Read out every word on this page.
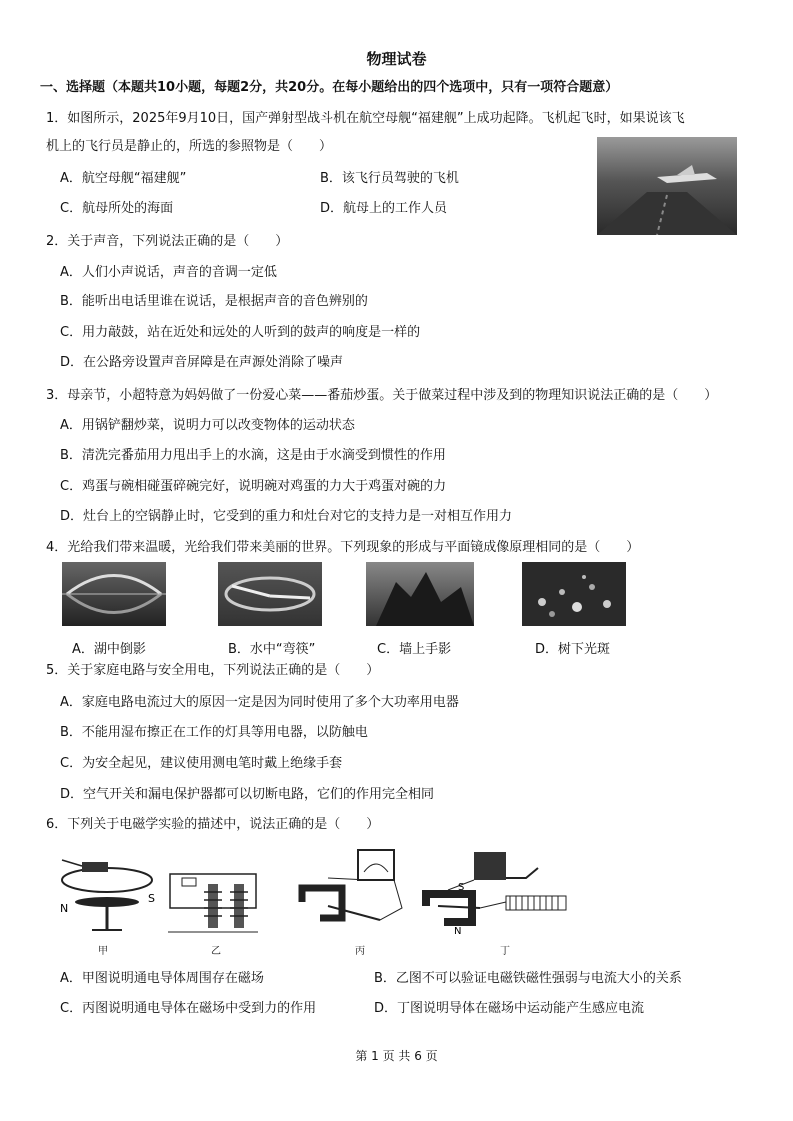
物理试卷
一、选择题（本题共10小题，每题2分，共20分。在每小题给出的四个选项中，只有一项符合题意）
1．如图所示，2025年9月10日，国产弹射型战斗机在航空母舰“福建舰”上成功起降。飞机起飞时，如果说该飞
机上的飞行员是静止的，所选的参照物是（　　）
A．航空母舰“福建舰”	B．该飞行员驾驶的飞机
C．航母所处的海面	D．航母上的工作人员
2．关于声音，下列说法正确的是（　　）
A．人们小声说话，声音的音调一定低
B．能听出电话里谁在说话，是根据声音的音色辨别的
C．用力敲鼓，站在近处和远处的人听到的鼓声的响度是一样的
D．在公路旁设置声音屏障是在声源处消除了噪声
3．母亲节，小超特意为妈妈做了一份爱心菜——番茄炒蛋。关于做菜过程中涉及到的物理知识说法正确的是（　　）
A．用锅铲翻炒菜，说明力可以改变物体的运动状态
B．清洗完番茄用力甩出手上的水滴，这是由于水滴受到惯性的作用
C．鸡蛋与碗相碰蛋碎碗完好，说明碗对鸡蛋的力大于鸡蛋对碗的力
D．灶台上的空锅静止时，它受到的重力和灶台对它的支持力是一对相互作用力
4．光给我们带来温暖，光给我们带来美丽的世界。下列现象的形成与平面镜成像原理相同的是（　　）
A．湖中倒影	B．水中“弯筷”	C．墙上手影	D．树下光斑
5．关于家庭电路与安全用电，下列说法正确的是（　　）
A．家庭电路电流过大的原因一定是因为同时使用了多个大功率用电器
B．不能用湿布擦正在工作的灯具等用电器，以防触电
C．为安全起见，建议使用测电笔时戴上绝缘手套
D．空气开关和漏电保护器都可以切断电路，它们的作用完全相同
6．下列关于电磁学实验的描述中，说法正确的是（　　）
N
S
甲	乙	丙
S
N
丁
A．甲图说明通电导体周围存在磁场	B．乙图不可以验证电磁铁磁性强弱与电流大小的关系
C．丙图说明通电导体在磁场中受到力的作用	D．丁图说明导体在磁场中运动能产生感应电流
第 1 页 共 6 页
